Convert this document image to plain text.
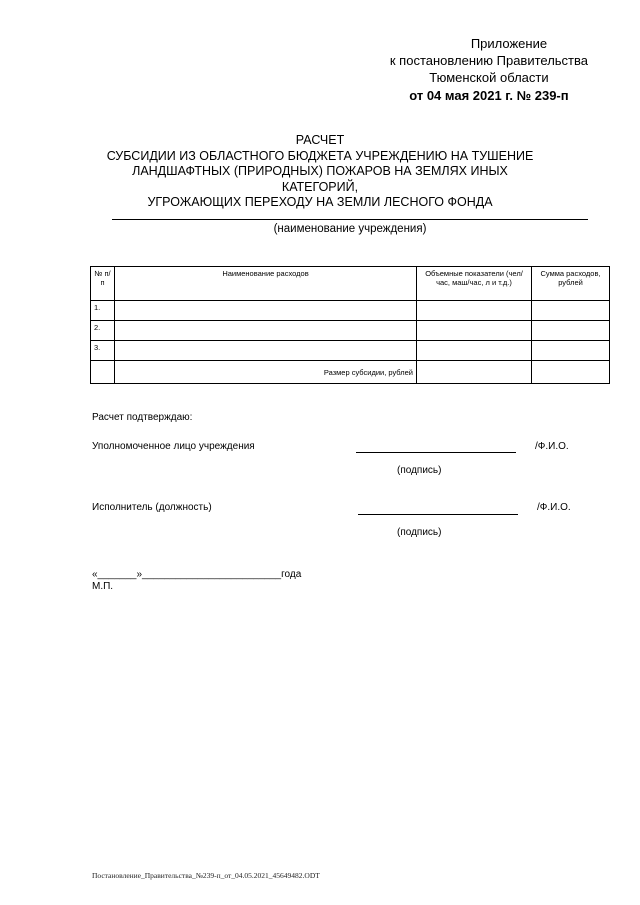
Приложение
к постановлению Правительства
Тюменской области
от 04 мая 2021 г. № 239-п
РАСЧЕТ
СУБСИДИИ ИЗ ОБЛАСТНОГО БЮДЖЕТА УЧРЕЖДЕНИЮ НА ТУШЕНИЕ
ЛАНДШАФТНЫХ (ПРИРОДНЫХ) ПОЖАРОВ НА ЗЕМЛЯХ ИНЫХ КАТЕГОРИЙ,
УГРОЖАЮЩИХ ПЕРЕХОДУ НА ЗЕМЛИ ЛЕСНОГО ФОНДА
(наименование учреждения)
№ п/п	Наименование расходов	Объемные показатели (чел/час, маш/час, л и т.д.)	Сумма расходов, рублей
1.			
2.			
3.			
	Размер субсидии, рублей		
Расчет подтверждаю:
Уполномоченное лицо учреждения	/Ф.И.О.
(подпись)
Исполнитель (должность)	/Ф.И.О.
(подпись)
«_______»_________________________года
М.П.
Постановление_Правительства_№239-п_от_04.05.2021_45649482.ODT
